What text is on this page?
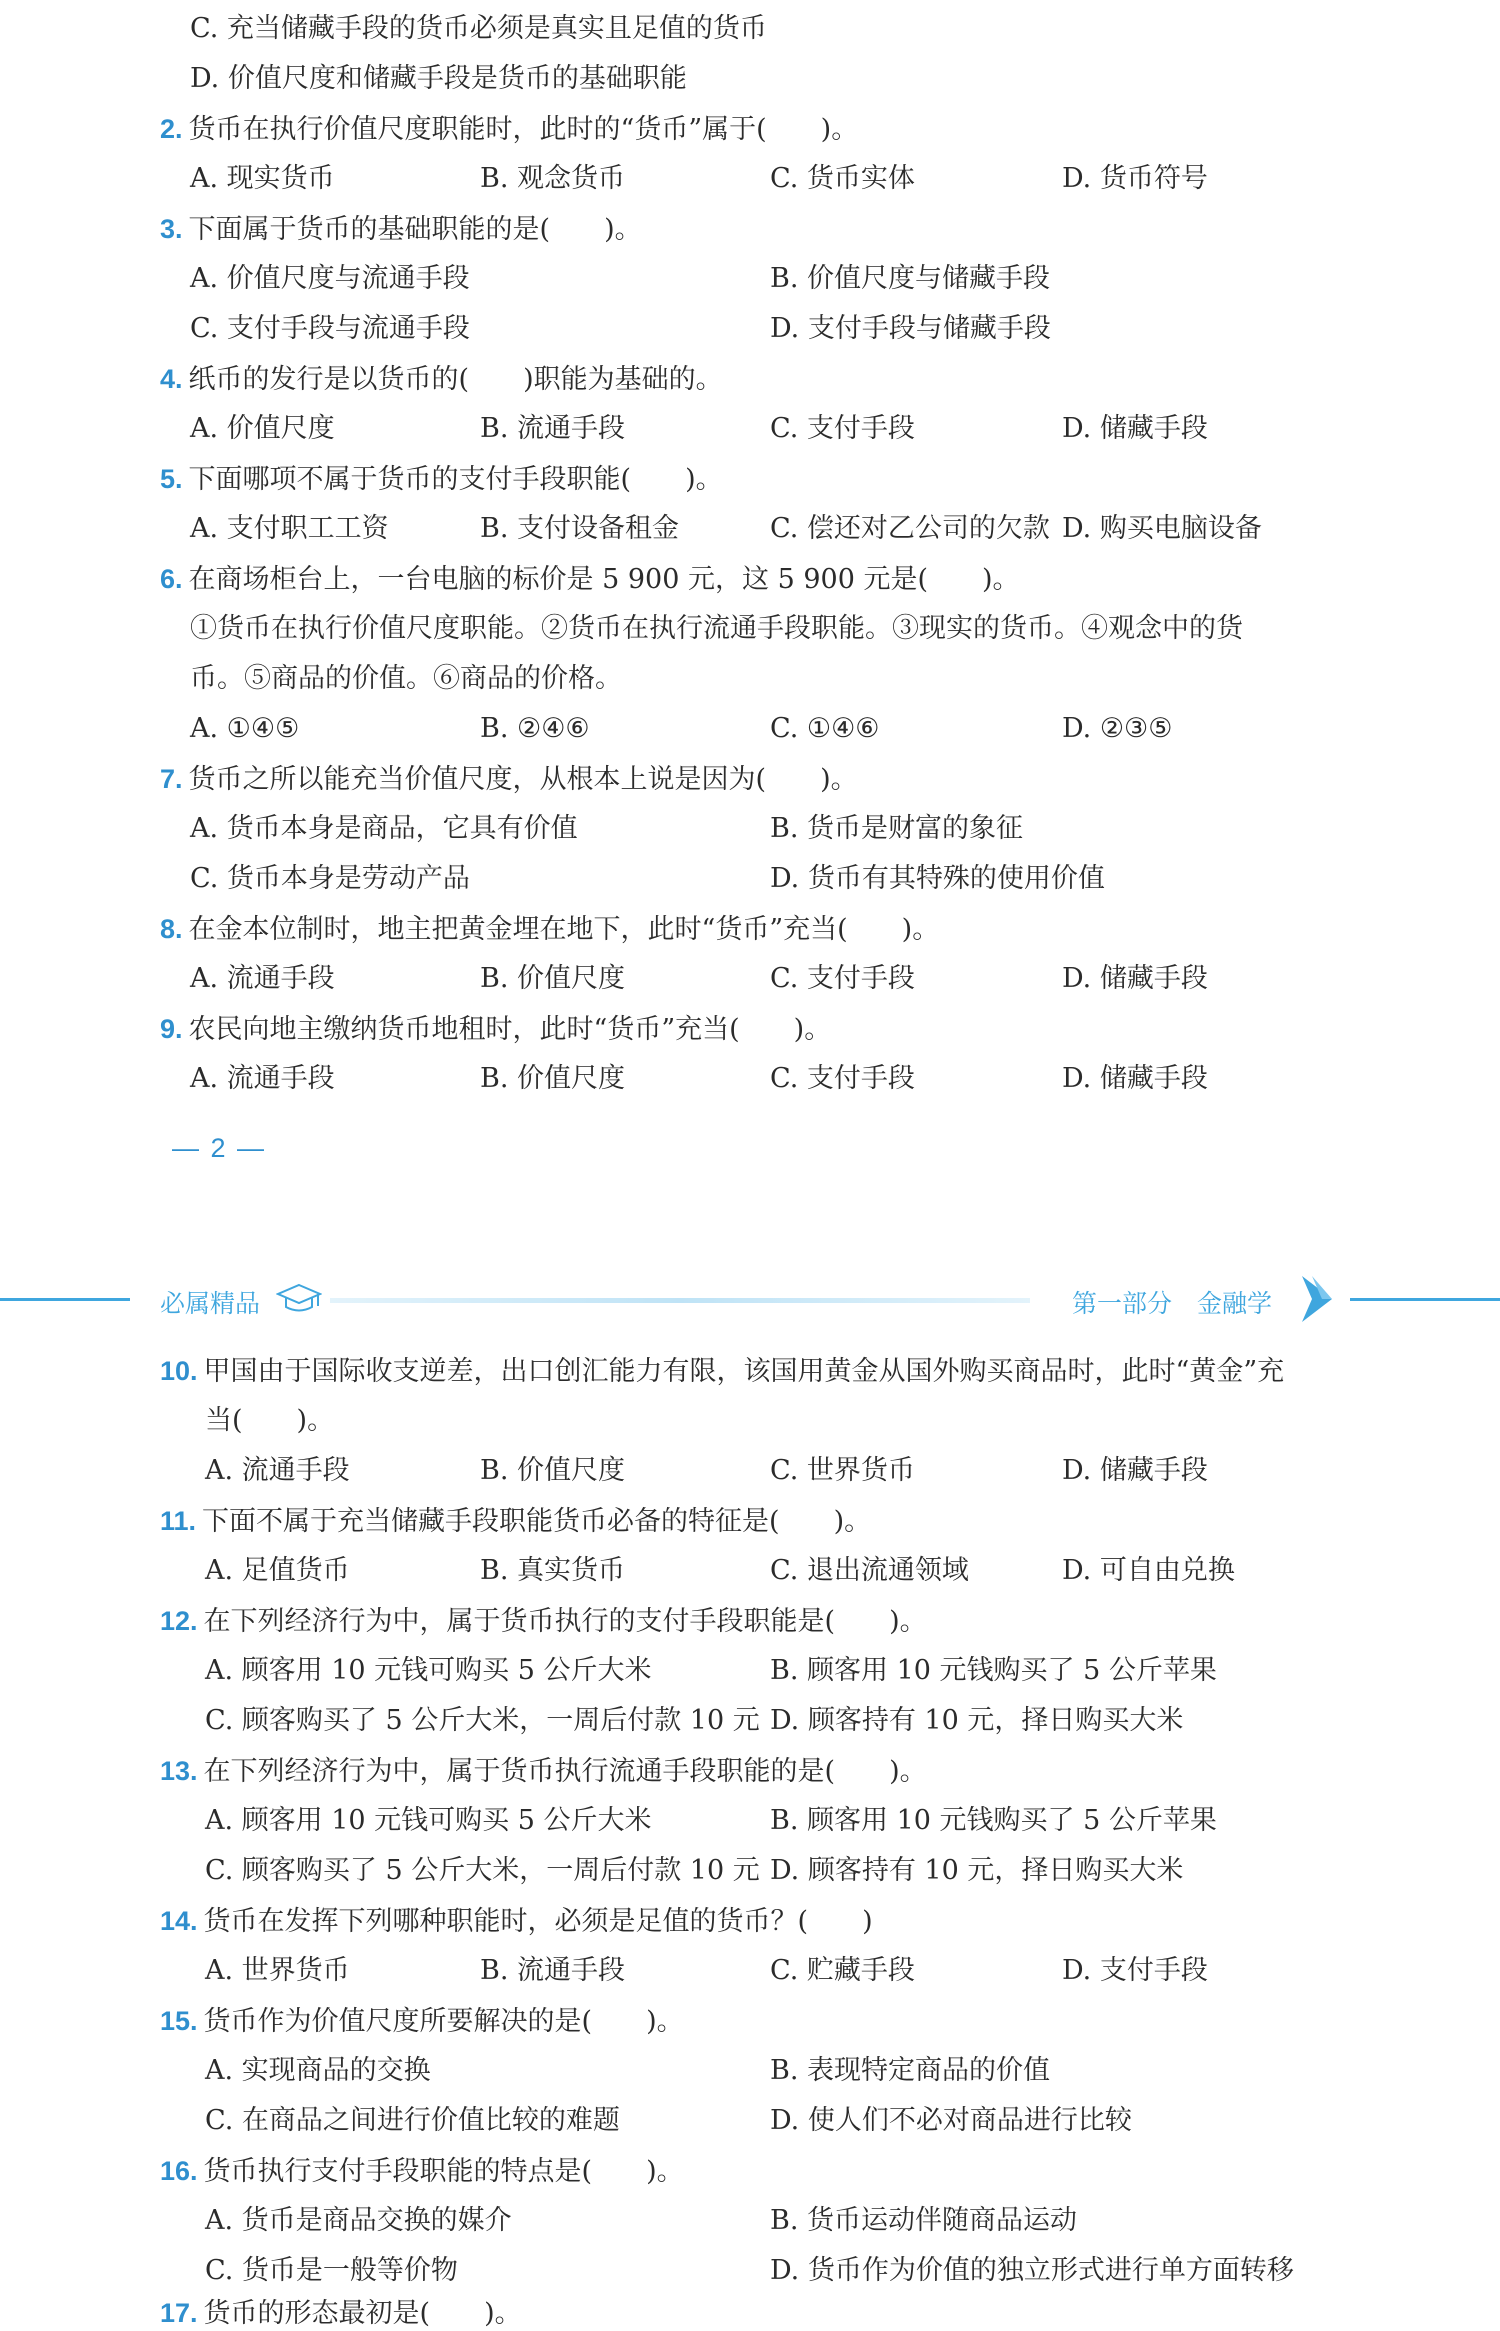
C. 充当储藏手段的货币必须是真实且足值的货币
D. 价值尺度和储藏手段是货币的基础职能
2. 货币在执行价值尺度职能时，此时的“货币”属于(　　)。
A. 现实货币	B. 观念货币	C. 货币实体	D. 货币符号
3. 下面属于货币的基础职能的是(　　)。
A. 价值尺度与流通手段	B. 价值尺度与储藏手段
C. 支付手段与流通手段	D. 支付手段与储藏手段
4. 纸币的发行是以货币的(　　)职能为基础的。
A. 价值尺度	B. 流通手段	C. 支付手段	D. 储藏手段
5. 下面哪项不属于货币的支付手段职能(　　)。
A. 支付职工工资	B. 支付设备租金	C. 偿还对乙公司的欠款 D. 购买电脑设备
6. 在商场柜台上，一台电脑的标价是 5 900 元，这 5 900 元是(　　)。
①货币在执行价值尺度职能。②货币在执行流通手段职能。③现实的货币。④观念中的货
币。⑤商品的价值。⑥商品的价格。
A. ①④⑤	B. ②④⑥	C. ①④⑥	D. ②③⑤
7. 货币之所以能充当价值尺度，从根本上说是因为(　　)。
A. 货币本身是商品，它具有价值	B. 货币是财富的象征
C. 货币本身是劳动产品	D. 货币有其特殊的使用价值
8. 在金本位制时，地主把黄金埋在地下，此时“货币”充当(　　)。
A. 流通手段	B. 价值尺度	C. 支付手段	D. 储藏手段
9. 农民向地主缴纳货币地租时，此时“货币”充当(　　)。
A. 流通手段	B. 价值尺度	C. 支付手段	D. 储藏手段
— 2 —
必属精品	第一部分　金融学
10. 甲国由于国际收支逆差，出口创汇能力有限，该国用黄金从国外购买商品时，此时“黄金”充
当(　　)。
A. 流通手段	B. 价值尺度	C. 世界货币	D. 储藏手段
11. 下面不属于充当储藏手段职能货币必备的特征是(　　)。
A. 足值货币	B. 真实货币	C. 退出流通领域	D. 可自由兑换
12. 在下列经济行为中，属于货币执行的支付手段职能是(　　)。
A. 顾客用 10 元钱可购买 5 公斤大米	B. 顾客用 10 元钱购买了 5 公斤苹果
C. 顾客购买了 5 公斤大米，一周后付款 10 元 D. 顾客持有 10 元，择日购买大米
13. 在下列经济行为中，属于货币执行流通手段职能的是(　　)。
A. 顾客用 10 元钱可购买 5 公斤大米	B. 顾客用 10 元钱购买了 5 公斤苹果
C. 顾客购买了 5 公斤大米，一周后付款 10 元 D. 顾客持有 10 元，择日购买大米
14. 货币在发挥下列哪种职能时，必须是足值的货币？(　　)
A. 世界货币	B. 流通手段	C. 贮藏手段	D. 支付手段
15. 货币作为价值尺度所要解决的是(　　)。
A. 实现商品的交换	B. 表现特定商品的价值
C. 在商品之间进行价值比较的难题	D. 使人们不必对商品进行比较
16. 货币执行支付手段职能的特点是(　　)。
A. 货币是商品交换的媒介	B. 货币运动伴随商品运动
C. 货币是一般等价物	D. 货币作为价值的独立形式进行单方面转移
17. 货币的形态最初是(　　)。
